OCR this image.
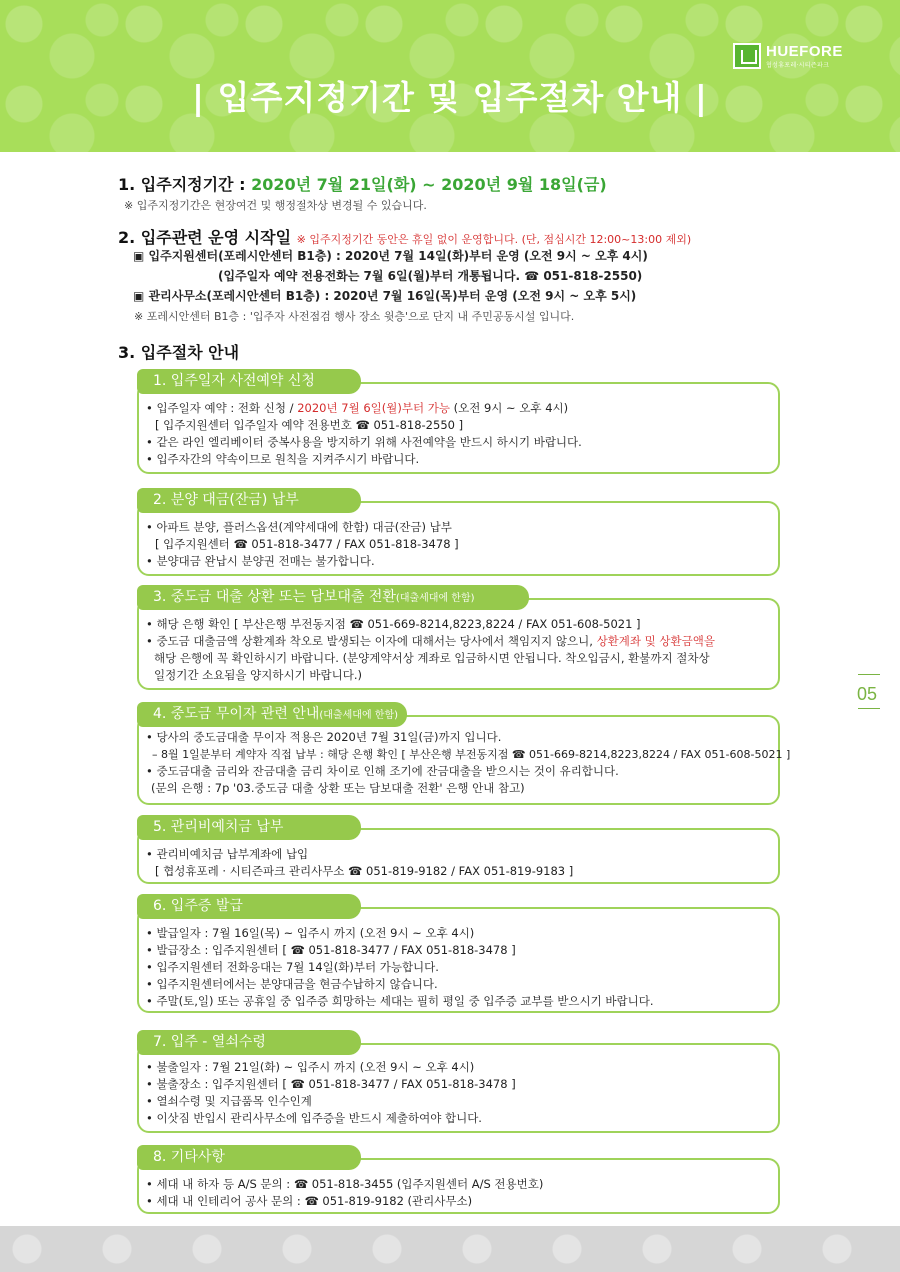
HUEFORE
협성휴포레·시티즌파크
| 입주지정기간 및 입주절차 안내 |
1. 입주지정기간 : 2020년 7월 21일(화) ~ 2020년 9월 18일(금)
※ 입주지정기간은 현장여건 및 행정절차상 변경될 수 있습니다.
2. 입주관련 운영 시작일 ※ 입주지정기간 동안은 휴일 없이 운영합니다. (단, 점심시간 12:00~13:00 제외)
▣ 입주지원센터(포레시안센터 B1층) : 2020년 7월 14일(화)부터 운영 (오전 9시 ~ 오후 4시)
(입주일자 예약 전용전화는 7월 6일(월)부터 개통됩니다. ☎ 051-818-2550)
▣ 관리사무소(포레시안센터 B1층) : 2020년 7월 16일(목)부터 운영 (오전 9시 ~ 오후 5시)
※ 포레시안센터 B1층 : '입주자 사전점검 행사 장소 윗층'으로 단지 내 주민공동시설 입니다.
3. 입주절차 안내
1. 입주일자 사전예약 신청
• 입주일자 예약 : 전화 신청 / 2020년 7월 6일(월)부터 가능 (오전 9시 ~ 오후 4시)
[ 입주지원센터 입주일자 예약 전용번호 ☎ 051-818-2550 ]
• 같은 라인 엘리베이터 중복사용을 방지하기 위해 사전예약을 반드시 하시기 바랍니다.
• 입주자간의 약속이므로 원칙을 지켜주시기 바랍니다.
2. 분양 대금(잔금) 납부
• 아파트 분양, 플러스옵션(계약세대에 한함) 대금(잔금) 납부
[ 입주지원센터 ☎ 051-818-3477 / FAX 051-818-3478 ]
• 분양대금 완납시 분양권 전매는 불가합니다.
3. 중도금 대출 상환 또는 담보대출 전환(대출세대에 한함)
• 해당 은행 확인 [ 부산은행 부전동지점 ☎ 051-669-8214,8223,8224 / FAX 051-608-5021 ]
• 중도금 대출금액 상환계좌 착오로 발생되는 이자에 대해서는 당사에서 책임지지 않으니, 상환계좌 및 상환금액을
해당 은행에 꼭 확인하시기 바랍니다. (분양계약서상 계좌로 입금하시면 안됩니다. 착오입금시, 환불까지 절차상
일정기간 소요됨을 양지하시기 바랍니다.)
4. 중도금 무이자 관련 안내(대출세대에 한함)
• 당사의 중도금대출 무이자 적용은 2020년 7월 31일(금)까지 입니다.
– 8월 1일분부터 계약자 직접 납부 : 해당 은행 확인 [ 부산은행 부전동지점 ☎ 051-669-8214,8223,8224 / FAX 051-608-5021 ]
• 중도금대출 금리와 잔금대출 금리 차이로 인해 조기에 잔금대출을 받으시는 것이 유리합니다.
(문의 은행 : 7p '03.중도금 대출 상환 또는 담보대출 전환' 은행 안내 참고)
5. 관리비예치금 납부
• 관리비예치금 납부계좌에 납입
[ 협성휴포레 · 시티즌파크 관리사무소 ☎ 051-819-9182 / FAX 051-819-9183 ]
6. 입주증 발급
• 발급일자 : 7월 16일(목) ~ 입주시 까지 (오전 9시 ~ 오후 4시)
• 발급장소 : 입주지원센터 [ ☎ 051-818-3477 / FAX 051-818-3478 ]
• 입주지원센터 전화응대는 7월 14일(화)부터 가능합니다.
• 입주지원센터에서는 분양대금을 현금수납하지 않습니다.
• 주말(토,일) 또는 공휴일 중 입주증 희망하는 세대는 필히 평일 중 입주증 교부를 받으시기 바랍니다.
7. 입주 - 열쇠수령
• 불출일자 : 7월 21일(화) ~ 입주시 까지 (오전 9시 ~ 오후 4시)
• 불출장소 : 입주지원센터 [ ☎ 051-818-3477 / FAX 051-818-3478 ]
• 열쇠수령 및 지급품목 인수인계
• 이삿짐 반입시 관리사무소에 입주증을 반드시 제출하여야 합니다.
8. 기타사항
• 세대 내 하자 등 A/S 문의 : ☎ 051-818-3455 (입주지원센터 A/S 전용번호)
• 세대 내 인테리어 공사 문의 : ☎ 051-819-9182 (관리사무소)
05
